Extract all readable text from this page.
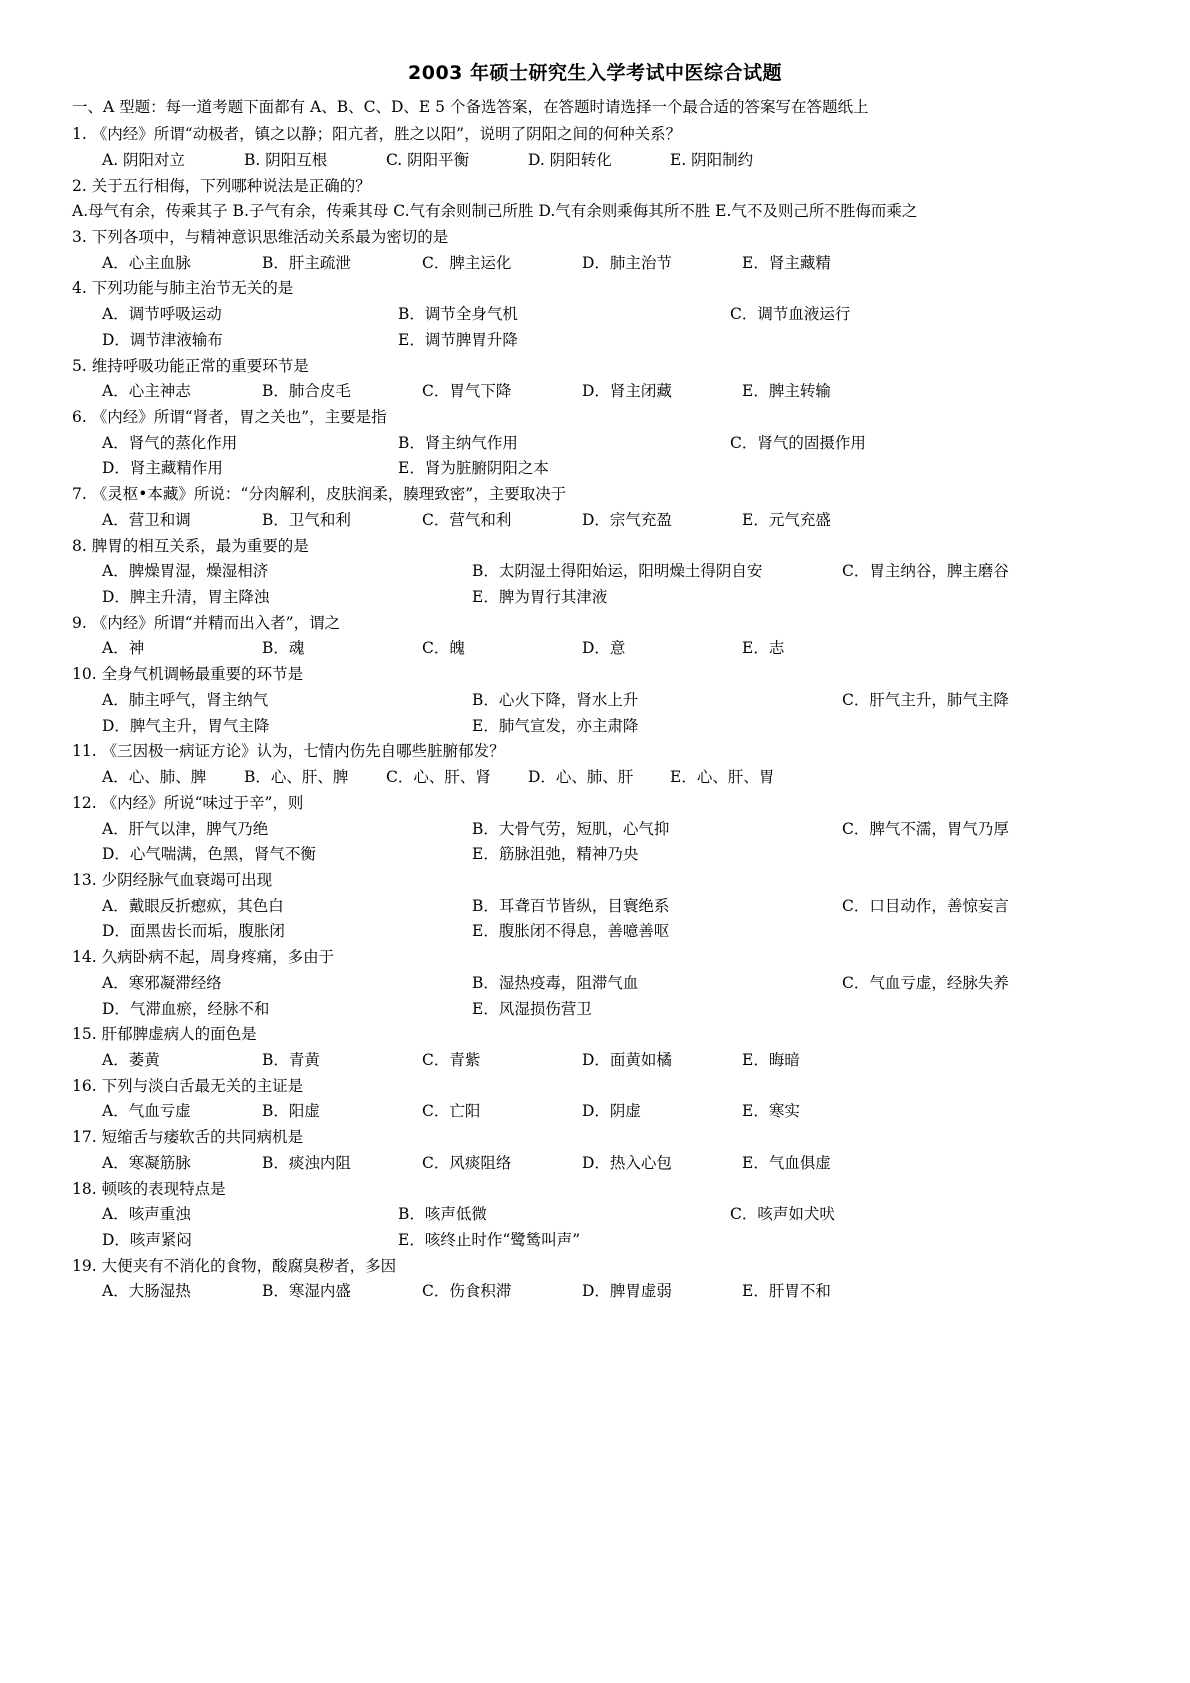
2003 年硕士研究生入学考试中医综合试题
一、A 型题：每一道考题下面都有 A、B、C、D、E 5 个备选答案，在答题时请选择一个最合适的答案写在答题纸上
1. 《内经》所谓“动极者，镇之以静；阳亢者，胜之以阳”，说明了阴阳之间的何种关系？
A. 阴阳对立	B. 阴阳互根	C. 阴阳平衡	D. 阴阳转化	E. 阴阳制约
2. 关于五行相侮，下列哪种说法是正确的？
A.母气有余，传乘其子 B.子气有余，传乘其母 C.气有余则制己所胜 D.气有余则乘侮其所不胜 E.气不及则己所不胜侮而乘之
3. 下列各项中，与精神意识思维活动关系最为密切的是
A．心主血脉	B．肝主疏泄	C．脾主运化	D．肺主治节	E．肾主藏精
4. 下列功能与肺主治节无关的是
A．调节呼吸运动	B．调节全身气机	C．调节血液运行
D．调节津液输布	E．调节脾胃升降
5. 维持呼吸功能正常的重要环节是
A．心主神志	B．肺合皮毛	C．胃气下降	D．肾主闭藏	E．脾主转输
6. 《内经》所谓“肾者，胃之关也”，主要是指
A．肾气的蒸化作用	B．肾主纳气作用	C．肾气的固摄作用
D．肾主藏精作用	E．肾为脏腑阴阳之本
7. 《灵枢•本藏》所说：“分肉解利，皮肤润柔，腠理致密”，主要取决于
A．营卫和调	B．卫气和利	C．营气和利	D．宗气充盈	E．元气充盛
8. 脾胃的相互关系，最为重要的是
A．脾燥胃湿，燥湿相济	B．太阴湿土得阳始运，阳明燥土得阴自安	C．胃主纳谷，脾主磨谷
D．脾主升清，胃主降浊	E．脾为胃行其津液
9. 《内经》所谓“并精而出入者”，谓之
A．神	B．魂	C．魄	D．意	E．志
10. 全身气机调畅最重要的环节是
A．肺主呼气，肾主纳气	B．心火下降，肾水上升	C．肝气主升，肺气主降
D．脾气主升，胃气主降	E．肺气宣发，亦主肃降
11. 《三因极一病证方论》认为，七情内伤先自哪些脏腑郁发？
A．心、肺、脾	B．心、肝、脾	C．心、肝、肾	D．心、肺、肝	E．心、肝、胃
12. 《内经》所说“味过于辛”，则
A．肝气以津，脾气乃绝	B．大骨气劳，短肌，心气抑	C．脾气不濡，胃气乃厚
D．心气喘满，色黑，肾气不衡	E．筋脉沮弛，精神乃央
13. 少阴经脉气血衰竭可出现
A．戴眼反折瘛疭，其色白	B．耳聋百节皆纵，目寰绝系	C．口目动作，善惊妄言
D．面黑齿长而垢，腹胀闭	E．腹胀闭不得息，善噫善呕
14. 久病卧病不起，周身疼痛，多由于
A．寒邪凝滞经络	B．湿热疫毒，阻滞气血	C．气血亏虚，经脉失养
D．气滞血瘀，经脉不和	E．风湿损伤营卫
15. 肝郁脾虚病人的面色是
A．萎黄	B．青黄	C．青紫	D．面黄如橘	E．晦暗
16. 下列与淡白舌最无关的主证是
A．气血亏虚	B．阳虚	C．亡阳	D．阴虚	E．寒实
17. 短缩舌与痿软舌的共同病机是
A．寒凝筋脉	B．痰浊内阻	C．风痰阻络	D．热入心包	E．气血俱虚
18. 顿咳的表现特点是
A．咳声重浊	B．咳声低微	C．咳声如犬吠
D．咳声紧闷	E．咳终止时作“鹭鸶叫声”
19. 大便夹有不消化的食物，酸腐臭秽者，多因
A．大肠湿热	B．寒湿内盛	C．伤食积滞	D．脾胃虚弱	E．肝胃不和
